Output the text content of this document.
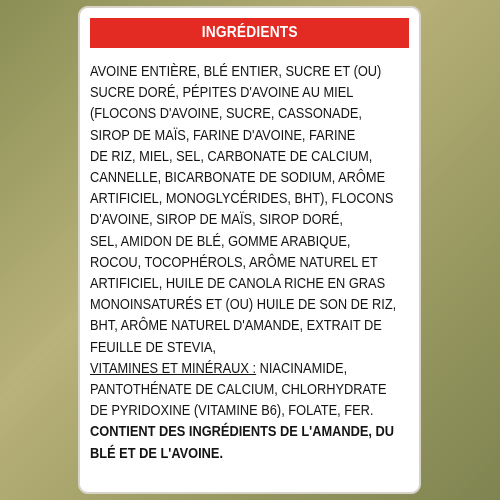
INGRÉDIENTS
AVOINE ENTIÈRE, BLÉ ENTIER, SUCRE ET (OU)
SUCRE DORÉ, PÉPITES D'AVOINE AU MIEL
(FLOCONS D'AVOINE, SUCRE, CASSONADE,
SIROP DE MAÏS, FARINE D'AVOINE, FARINE
DE RIZ, MIEL, SEL, CARBONATE DE CALCIUM,
CANNELLE, BICARBONATE DE SODIUM, ARÔME
ARTIFICIEL, MONOGLYCÉRIDES, BHT), FLOCONS
D'AVOINE, SIROP DE MAÏS, SIROP DORÉ,
SEL, AMIDON DE BLÉ, GOMME ARABIQUE,
ROCOU, TOCOPHÉROLS, ARÔME NATUREL ET
ARTIFICIEL, HUILE DE CANOLA RICHE EN GRAS
MONOINSATURÉS ET (OU) HUILE DE SON DE RIZ,
BHT, ARÔME NATUREL D'AMANDE, EXTRAIT DE
FEUILLE DE STEVIA,
VITAMINES ET MINÉRAUX : NIACINAMIDE,
PANTOTHÉNATE DE CALCIUM, CHLORHYDRATE
DE PYRIDOXINE (VITAMINE B6), FOLATE, FER.
CONTIENT DES INGRÉDIENTS DE L'AMANDE, DU
BLÉ ET DE L'AVOINE.
